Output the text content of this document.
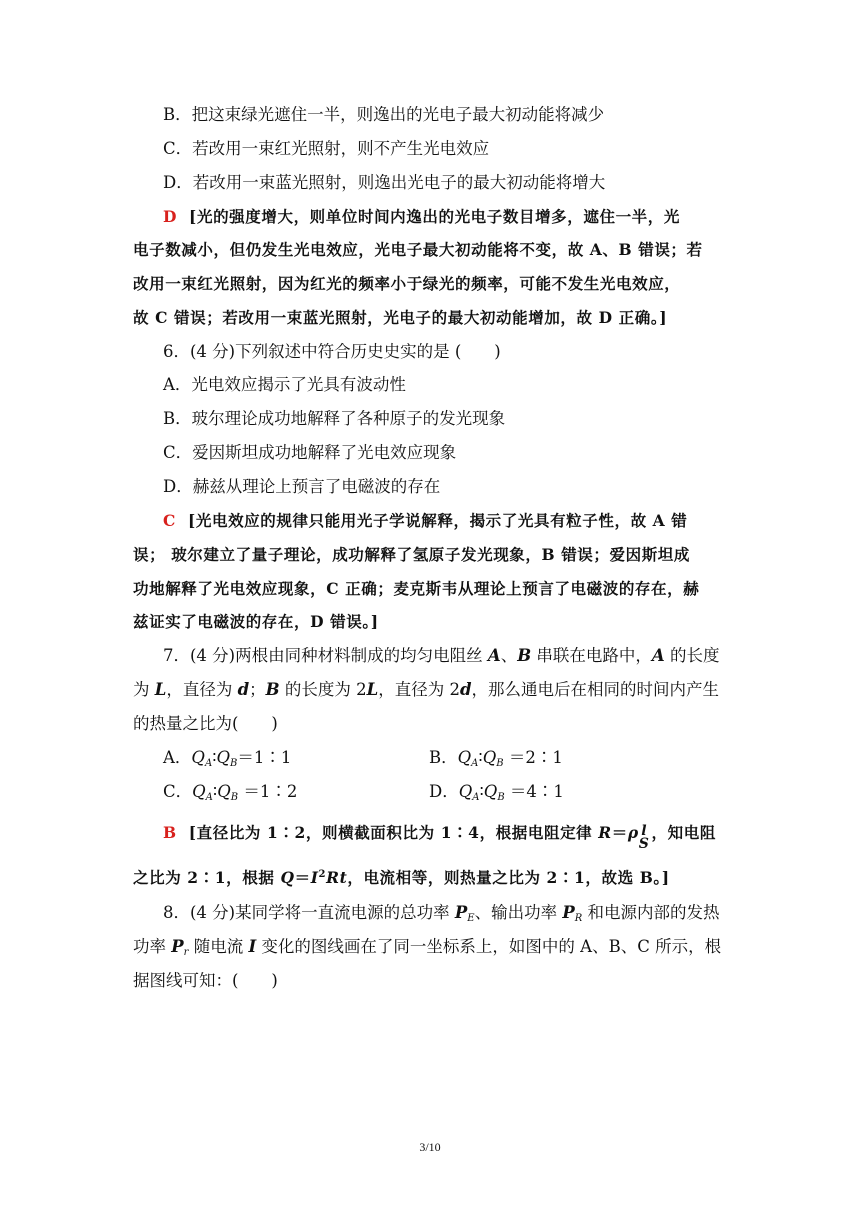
B．把这束绿光遮住一半，则逸出的光电子最大初动能将减少
C．若改用一束红光照射，则不产生光电效应
D．若改用一束蓝光照射，则逸出光电子的最大初动能将增大
D [光的强度增大，则单位时间内逸出的光电子数目增多，遮住一半，光
电子数减小，但仍发生光电效应，光电子最大初动能将不变，故 A、B 错误；若
改用一束红光照射，因为红光的频率小于绿光的频率，可能不发生光电效应，
故 C 错误；若改用一束蓝光照射，光电子的最大初动能增加，故 D 正确。]
6．(4 分)下列叙述中符合历史史实的是 (　　)
A．光电效应揭示了光具有波动性
B．玻尔理论成功地解释了各种原子的发光现象
C．爱因斯坦成功地解释了光电效应现象
D．赫兹从理论上预言了电磁波的存在
C [光电效应的规律只能用光子学说解释，揭示了光具有粒子性，故 A 错
误； 玻尔建立了量子理论，成功解释了氢原子发光现象，B 错误；爱因斯坦成
功地解释了光电效应现象，C 正确；麦克斯韦从理论上预言了电磁波的存在，赫
兹证实了电磁波的存在，D 错误。]
7．(4 分)两根由同种材料制成的均匀电阻丝 A、B 串联在电路中，A 的长度
为 L，直径为 d；B 的长度为 2L，直径为 2d，那么通电后在相同的时间内产生
的热量之比为(　　)
A．$Q_A∶Q_B=1∶1$	B．$Q_A∶Q_B$ ＝2∶1
C．$Q_A∶Q_B$ ＝1∶2	D．$Q_A∶Q_B$ ＝4∶1
B [直径比为 1∶2，则横截面积比为 1∶4，根据电阻定律 R＝ρ l
S
，知电阻
之比为 2∶1，根据 $Q=I^2Rt$，电流相等，则热量之比为 2∶1，故选 B。]
8．(4 分)某同学将一直流电源的总功率 $P_E$、输出功率 $P_R$ 和电源内部的发热
功率 $P_r$ 随电流 I 变化的图线画在了同一坐标系上，如图中的 A、B、C 所示，根
据图线可知：(　　)
3/10
